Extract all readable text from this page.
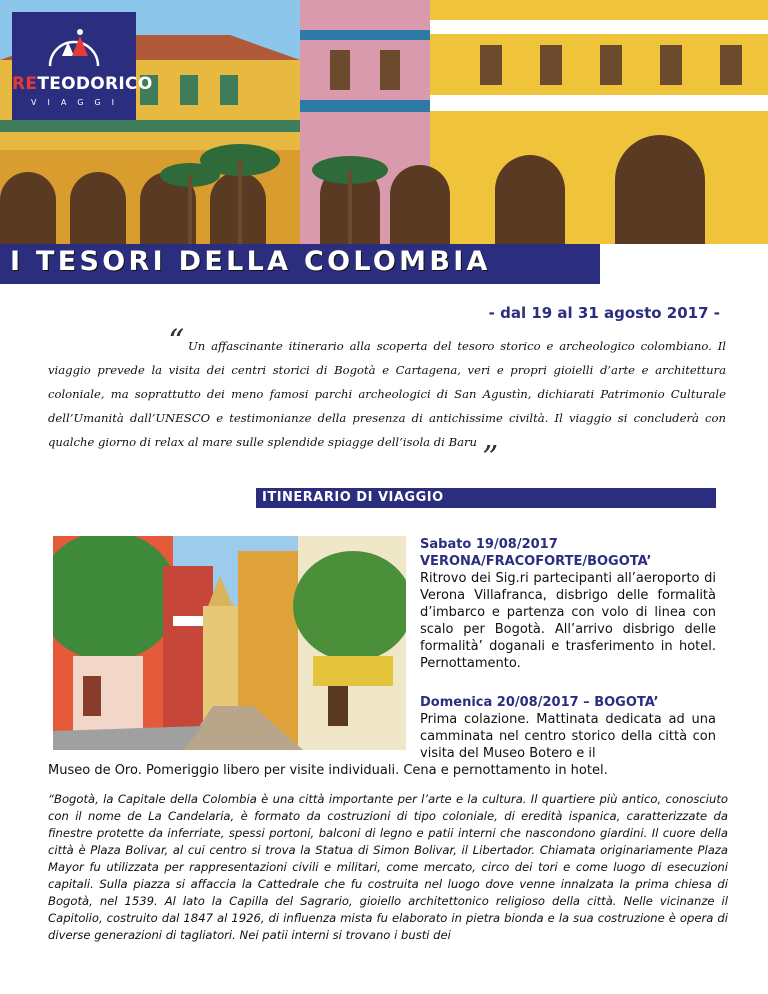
RETEODORICO
VIAGGI
I TESORI DELLA COLOMBIA
- dal 19 al 31 agosto 2017 -
“ Un affascinante itinerario alla scoperta del tesoro storico e archeologico colombiano. Il viaggio prevede la visita dei centri storici di Bogotà e Cartagena, veri e propri gioielli d’arte e architettura coloniale, ma soprattutto dei meno famosi parchi archeologici di San Agustìn, dichiarati Patrimonio Culturale dell’Umanità dall’UNESCO e testimonianze della presenza di antichissime civiltà. Il viaggio si concluderà con qualche giorno di relax al mare sulle splendide spiagge dell’isola di Baru ”
ITINERARIO DI VIAGGIO
Sabato 19/08/2017
VERONA/FRACOFORTE/BOGOTA’
Ritrovo dei Sig.ri partecipanti all’aeroporto di Verona Villafranca, disbrigo delle formalità d’imbarco e partenza con volo di linea con scalo per Bogotà. All’arrivo disbrigo delle formalità’ doganali e trasferimento in hotel. Pernottamento.
Domenica 20/08/2017 – BOGOTA’
Prima colazione. Mattinata dedicata ad una camminata nel centro storico della città con visita del Museo Botero e il
Museo de Oro. Pomeriggio libero per visite individuali. Cena e pernottamento in hotel.
“Bogotà, la Capitale della Colombia è una città importante per l’arte e la cultura. Il quartiere più antico, conosciuto con il nome de La Candelaria, è formato da costruzioni di tipo coloniale, di eredità ispanica, caratterizzate da finestre protette da inferriate, spessi portoni, balconi di legno e patii interni che nascondono giardini. Il cuore della città è Plaza Bolivar, al cui centro si trova la Statua di Simon Bolivar, il Libertador. Chiamata originariamente Plaza Mayor fu utilizzata per rappresentazioni civili e militari, come mercato, circo dei tori e come luogo di esecuzioni capitali. Sulla piazza si affaccia la Cattedrale che fu costruita nel luogo dove venne innalzata la prima chiesa di Bogotà, nel 1539. Al lato la Capilla del Sagrario, gioiello architettonico religioso della città. Nelle vicinanze il Capitolio, costruito dal 1847 al 1926, di influenza mista fu elaborato in pietra bionda e la sua costruzione è opera di diverse generazioni di tagliatori. Nei patii interni si trovano i busti dei
